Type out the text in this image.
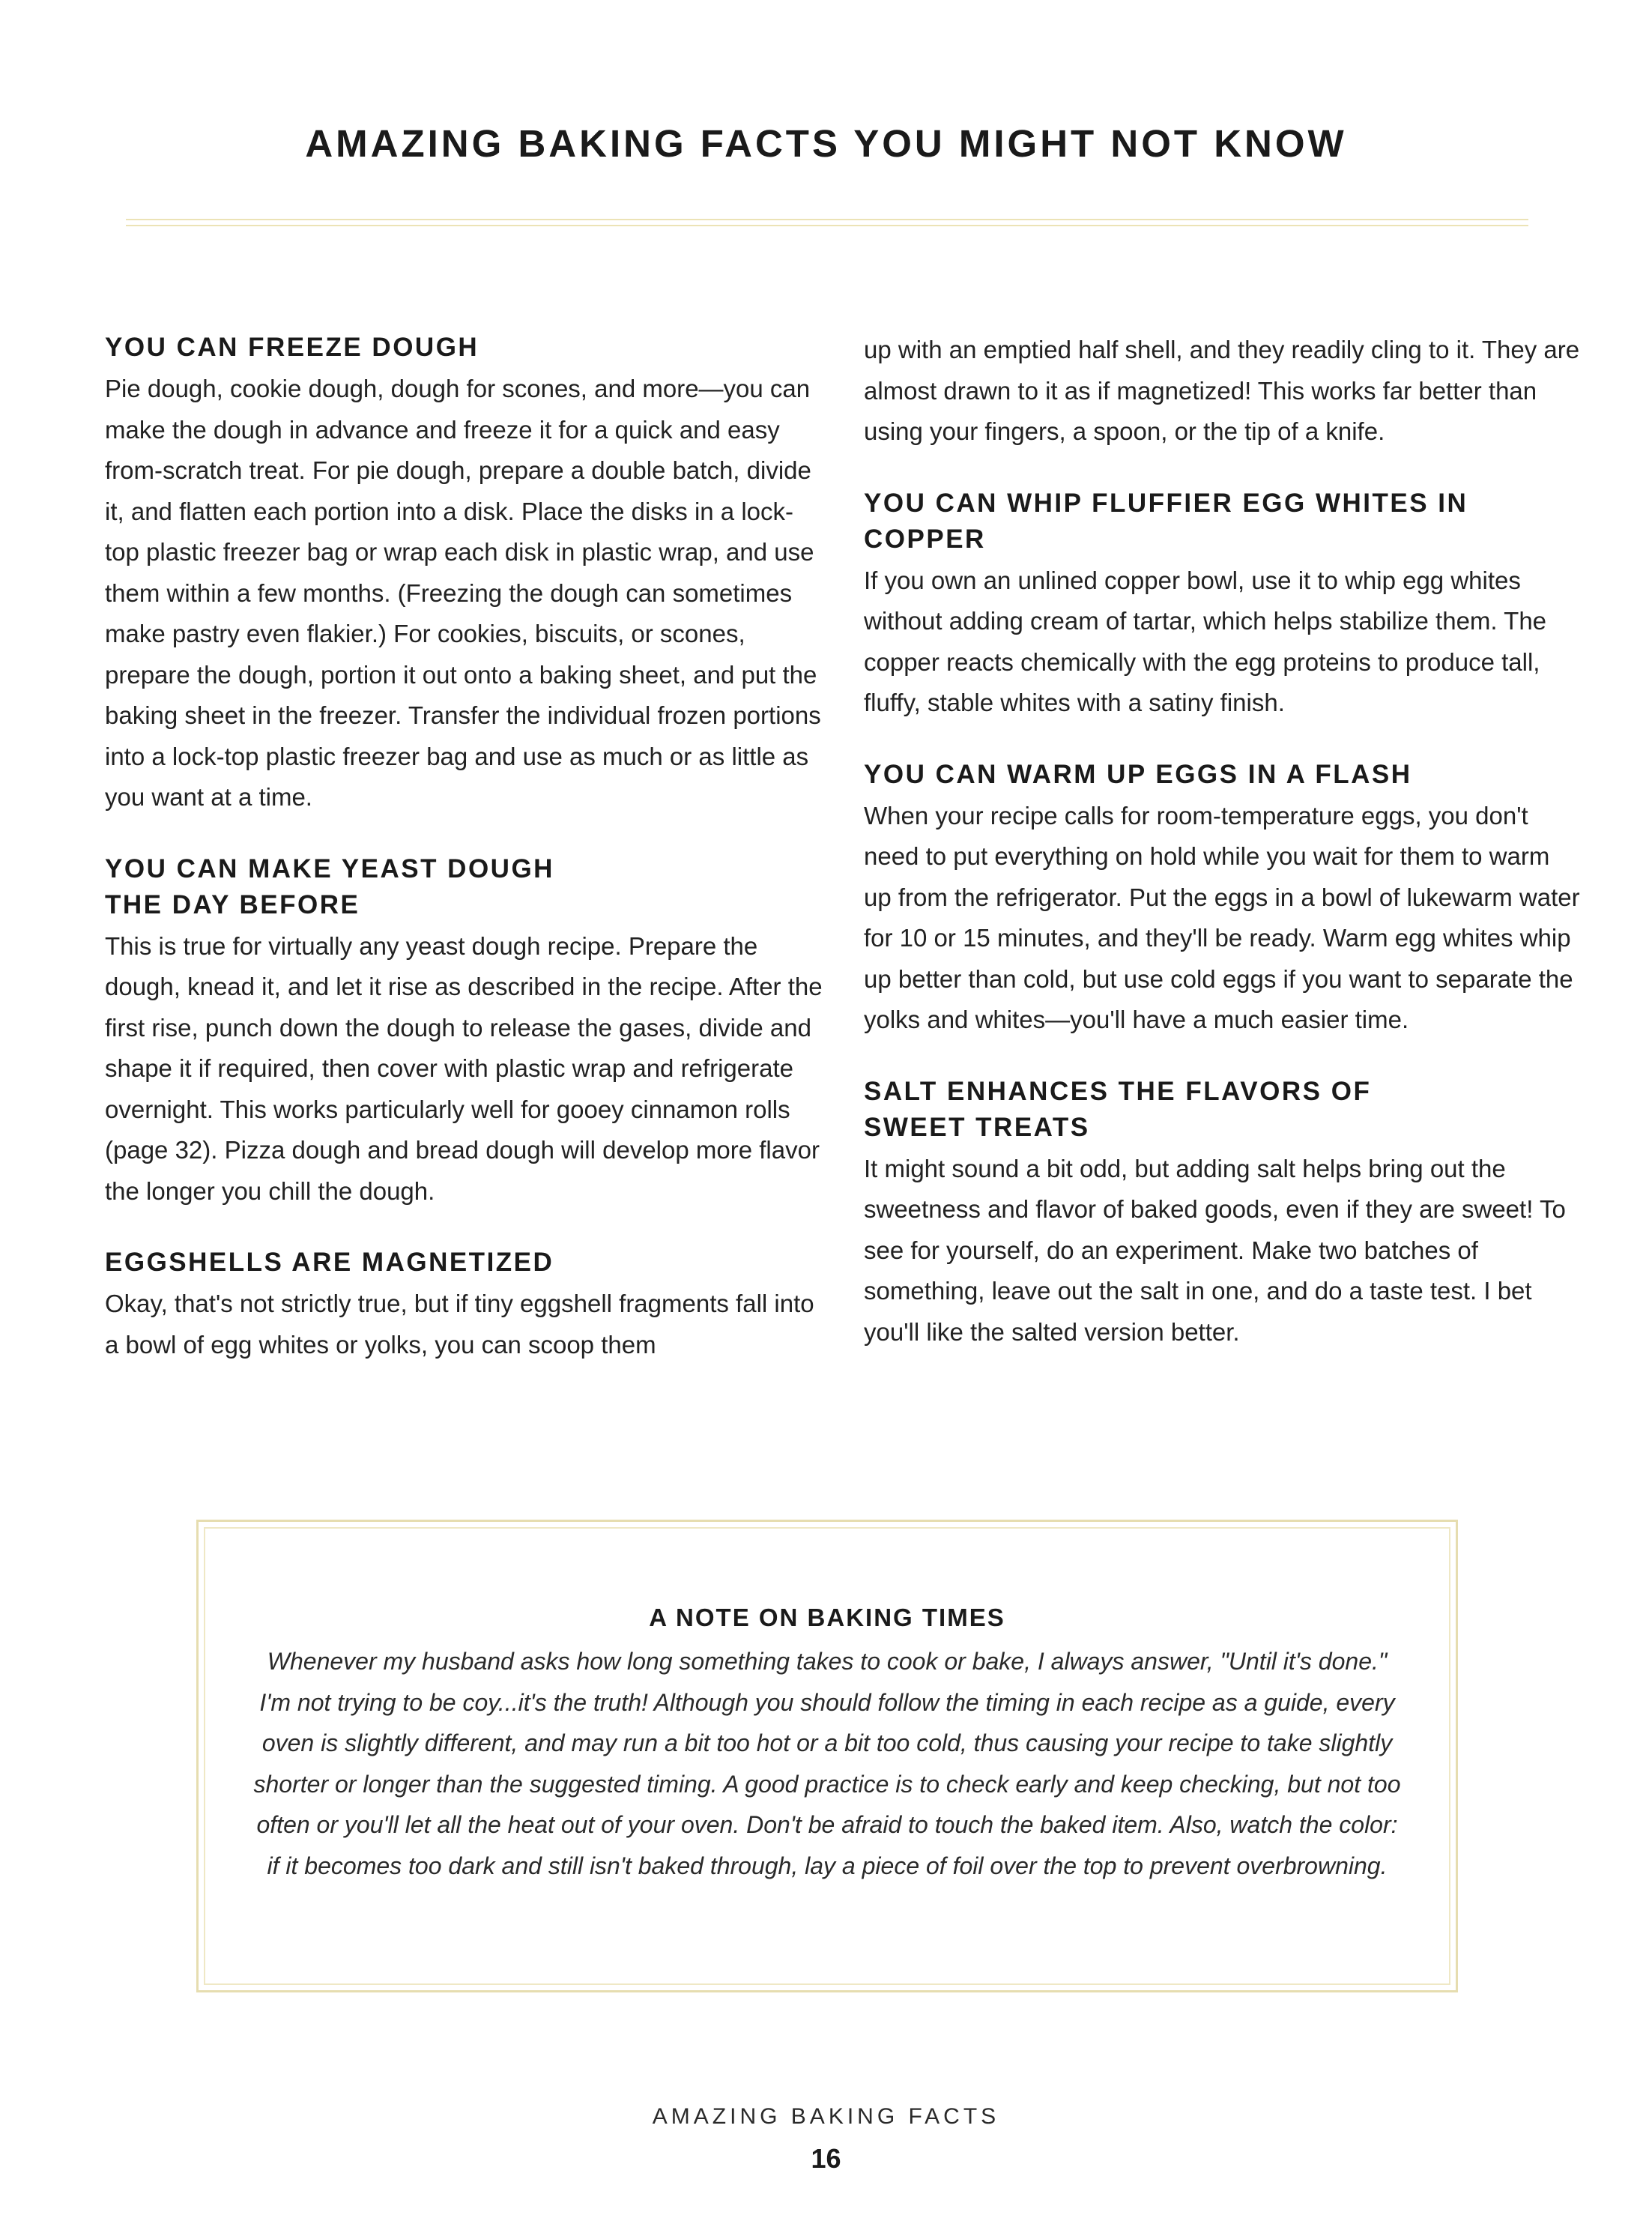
AMAZING BAKING FACTS YOU MIGHT NOT KNOW
YOU CAN FREEZE DOUGH

Pie dough, cookie dough, dough for scones, and more—you can make the dough in advance and freeze it for a quick and easy from-scratch treat. For pie dough, prepare a double batch, divide it, and flatten each portion into a disk. Place the disks in a lock-top plastic freezer bag or wrap each disk in plastic wrap, and use them within a few months. (Freezing the dough can sometimes make pastry even flakier.) For cookies, biscuits, or scones, prepare the dough, portion it out onto a baking sheet, and put the baking sheet in the freezer. Transfer the individual frozen portions into a lock-top plastic freezer bag and use as much or as little as you want at a time.

YOU CAN MAKE YEAST DOUGH THE DAY BEFORE

This is true for virtually any yeast dough recipe. Prepare the dough, knead it, and let it rise as described in the recipe. After the first rise, punch down the dough to release the gases, divide and shape it if required, then cover with plastic wrap and refrigerate overnight. This works particularly well for gooey cinnamon rolls (page 32). Pizza dough and bread dough will develop more flavor the longer you chill the dough.

EGGSHELLS ARE MAGNETIZED

Okay, that's not strictly true, but if tiny eggshell fragments fall into a bowl of egg whites or yolks, you can scoop them

up with an emptied half shell, and they readily cling to it. They are almost drawn to it as if magnetized! This works far better than using your fingers, a spoon, or the tip of a knife.

YOU CAN WHIP FLUFFIER EGG WHITES IN COPPER

If you own an unlined copper bowl, use it to whip egg whites without adding cream of tartar, which helps stabilize them. The copper reacts chemically with the egg proteins to produce tall, fluffy, stable whites with a satiny finish.

YOU CAN WARM UP EGGS IN A FLASH

When your recipe calls for room-temperature eggs, you don't need to put everything on hold while you wait for them to warm up from the refrigerator. Put the eggs in a bowl of lukewarm water for 10 or 15 minutes, and they'll be ready. Warm egg whites whip up better than cold, but use cold eggs if you want to separate the yolks and whites—you'll have a much easier time.

SALT ENHANCES THE FLAVORS OF SWEET TREATS

It might sound a bit odd, but adding salt helps bring out the sweetness and flavor of baked goods, even if they are sweet! To see for yourself, do an experiment. Make two batches of something, leave out the salt in one, and do a taste test. I bet you'll like the salted version better.

A NOTE ON BAKING TIMES

Whenever my husband asks how long something takes to cook or bake, I always answer, "Until it's done." I'm not trying to be coy...it's the truth! Although you should follow the timing in each recipe as a guide, every oven is slightly different, and may run a bit too hot or a bit too cold, thus causing your recipe to take slightly shorter or longer than the suggested timing. A good practice is to check early and keep checking, but not too often or you'll let all the heat out of your oven. Don't be afraid to touch the baked item. Also, watch the color: if it becomes too dark and still isn't baked through, lay a piece of foil over the top to prevent overbrowning.

AMAZING BAKING FACTS
16
